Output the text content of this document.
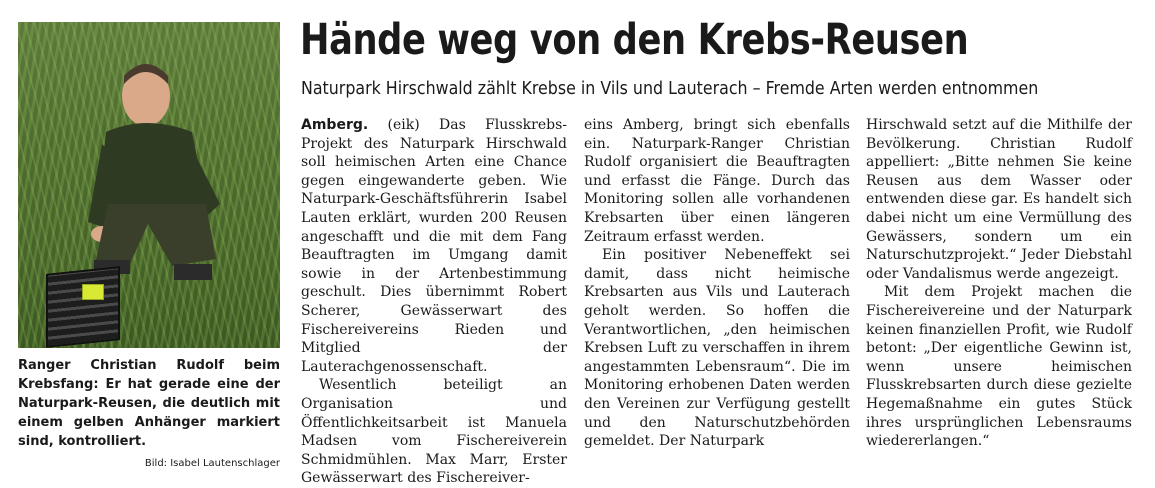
Ranger Christian Rudolf beim Krebsfang: Er hat gerade eine der Naturpark-Reusen, die deutlich mit einem gelben Anhänger markiert sind, kontrolliert.
Bild: Isabel Lautenschlager
Hände weg von den Krebs-Reusen
Naturpark Hirschwald zählt Krebse in Vils und Lauterach – Fremde Arten werden entnommen

Amberg. (eik) Das Flusskrebs-Projekt des Naturpark Hirschwald soll heimischen Arten eine Chance gegen eingewanderte geben. Wie Naturpark-Geschäftsführerin Isabel Lauten erklärt, wurden 200 Reusen angeschafft und die mit dem Fang Beauftragten im Umgang damit sowie in der Artenbestimmung geschult. Dies übernimmt Robert Scherer, Gewässerwart des Fischereivereins Rieden und Mitglied der Lauterachgenossenschaft.

Wesentlich beteiligt an Organisation und Öffentlichkeitsarbeit ist Manuela Madsen vom Fischereiverein Schmidmühlen. Max Marr, Erster Gewässerwart des Fischereiver-

eins Amberg, bringt sich ebenfalls ein. Naturpark-Ranger Christian Rudolf organisiert die Beauftragten und erfasst die Fänge. Durch das Monitoring sollen alle vorhandenen Krebsarten über einen längeren Zeitraum erfasst werden.

Ein positiver Nebeneffekt sei damit, dass nicht heimische Krebsarten aus Vils und Lauterach geholt werden. So hoffen die Verantwortlichen, „den heimischen Krebsen Luft zu verschaffen in ihrem angestammten Lebensraum“. Die im Monitoring erhobenen Daten werden den Vereinen zur Verfügung gestellt und den Naturschutzbehörden gemeldet. Der Naturpark

Hirschwald setzt auf die Mithilfe der Bevölkerung. Christian Rudolf appelliert: „Bitte nehmen Sie keine Reusen aus dem Wasser oder entwenden diese gar. Es handelt sich dabei nicht um eine Vermüllung des Gewässers, sondern um ein Naturschutzprojekt.“ Jeder Diebstahl oder Vandalismus werde angezeigt.

Mit dem Projekt machen die Fischereivereine und der Naturpark keinen finanziellen Profit, wie Rudolf betont: „Der eigentliche Gewinn ist, wenn unsere heimischen Flusskrebsarten durch diese gezielte Hegemaßnahme ein gutes Stück ihres ursprünglichen Lebensraums wiedererlangen.“
